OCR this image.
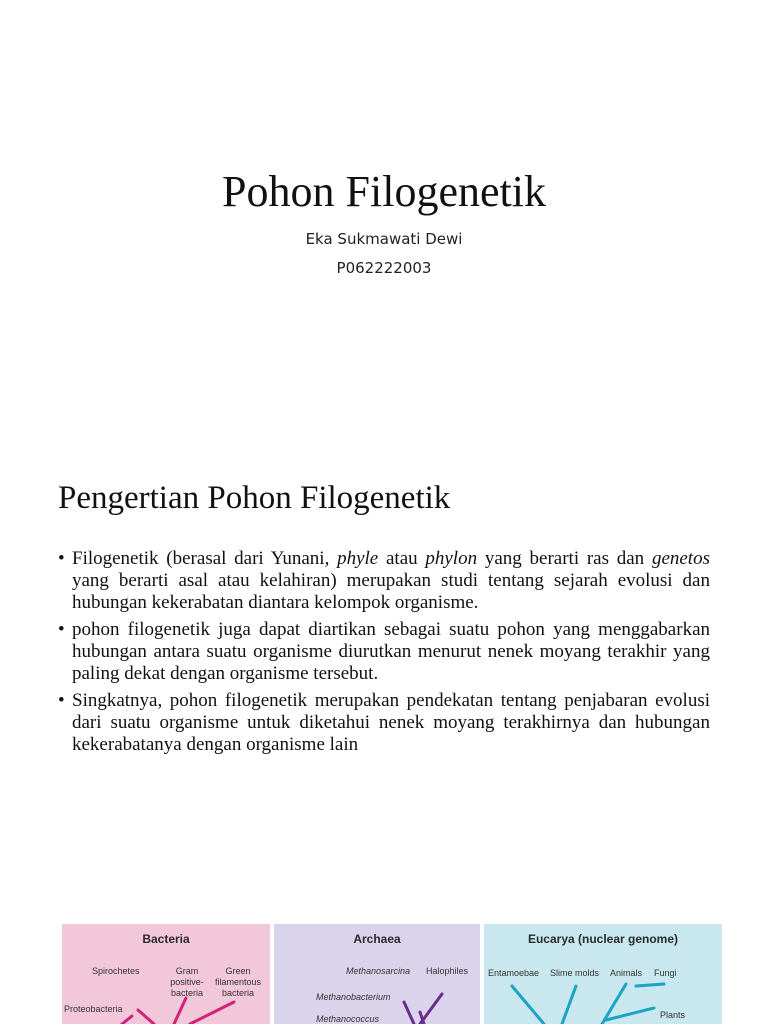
Pohon Filogenetik
Eka Sukmawati Dewi
P062222003
Pengertian Pohon Filogenetik
• Filogenetik (berasal dari Yunani, phyle atau phylon yang berarti ras dan genetos yang berarti asal atau kelahiran) merupakan studi tentang sejarah evolusi dan hubungan kekerabatan diantara kelompok organisme.
• pohon filogenetik juga dapat diartikan sebagai suatu pohon yang menggabarkan hubungan antara suatu organisme diurutkan menurut nenek moyang terakhir yang paling dekat dengan organisme tersebut.
• Singkatnya, pohon filogenetik merupakan pendekatan tentang penjabaran evolusi dari suatu organisme untuk diketahui nenek moyang terakhirnya dan hubungan kekerabatanya dengan organisme lain
Bacteria
Spirochetes	Gram positive-bacteria
Green filamentous bacteria
Proteobacteria
Archaea
Methanosarcina Halophiles
Methanobacterium
Methanococcus
Eucarya (nuclear genome)
Entamoebae Slime molds Animals Fungi
Plants
